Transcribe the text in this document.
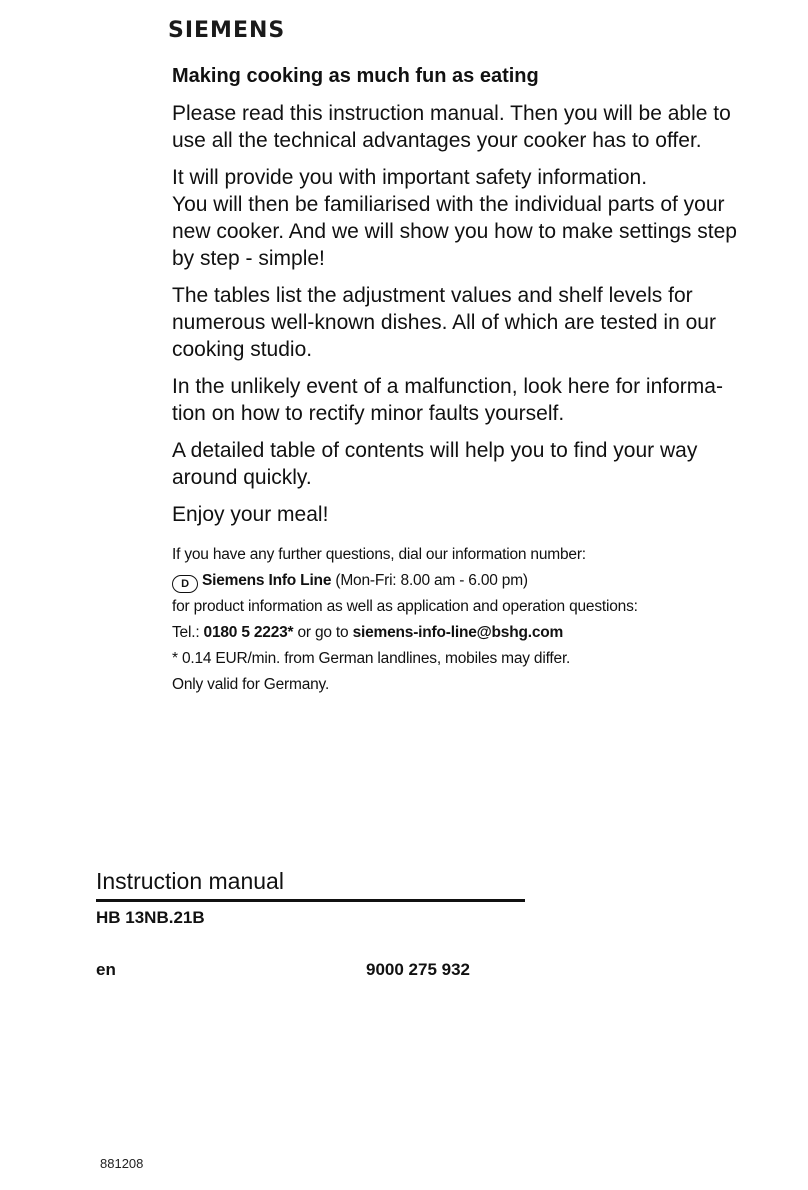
SIEMENS
Making cooking as much fun as eating
Please read this instruction manual. Then you will be able to use all the technical advantages your cooker has to offer.
It will provide you with important safety information.
You will then be familiarised with the individual parts of your new cooker. And we will show you how to make settings step by step - simple!
The tables list the adjustment values and shelf levels for numerous well-known dishes. All of which are tested in our cooking studio.
In the unlikely event of a malfunction, look here for informa-tion on how to rectify minor faults yourself.
A detailed table of contents will help you to find your way around quickly.
Enjoy your meal!
If you have any further questions, dial our information number:
D Siemens Info Line (Mon-Fri: 8.00 am - 6.00 pm)
for product information as well as application and operation questions:
Tel.: 0180 5 2223* or go to siemens-info-line@bshg.com
* 0.14 EUR/min. from German landlines, mobiles may differ.
Only valid for Germany.
Instruction manual
HB 13NB.21B
en	9000 275 932
881208
